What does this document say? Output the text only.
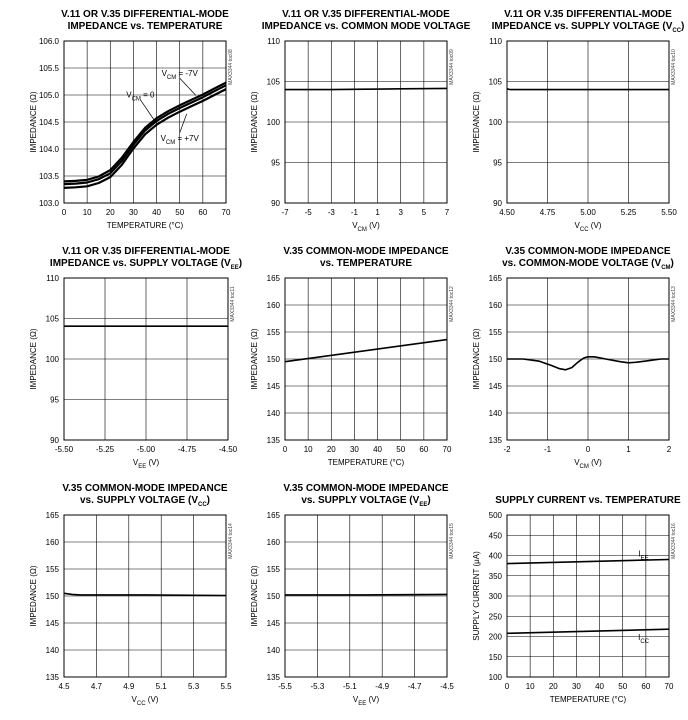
V.11 OR V.35 DIFFERENTIAL-MODE
IMPEDANCE vs. TEMPERATURE
0 10 20 30 40 50 60 70
103.0
103.5
104.0
104.5
105.0
105.5
106.0
TEMPERATURE (°C)
IMPEDANCE (Ω)
MAX3344 toc08
$V_{CM} = -7V$
$V_{CM} = 0$
$V_{CM} = +7V$
V.11 OR V.35 DIFFERENTIAL-MODE
IMPEDANCE vs. COMMON MODE VOLTAGE
-7 -5 -3 -1 1 3 5 7
90
95
100
105
110
$V_{CM}$ (V)
IMPEDANCE (Ω)
MAX3344 toc09
V.11 OR V.35 DIFFERENTIAL-MODE
IMPEDANCE vs. SUPPLY VOLTAGE $(V_{CC})$
4.50	4.75	5.00	5.25	5.50
90
95
100
105
110
$V_{CC}$ (V)
IMPEDANCE (Ω)
MAX3344 toc10
V.11 OR V.35 DIFFERENTIAL-MODE
IMPEDANCE vs. SUPPLY VOLTAGE $(V_{EE})$
-5.50	-5.25	-5.00	-4.75	-4.50
90
95
100
105
110
$V_{EE}$ (V)
IMPEDANCE (Ω)
MAX3344 toc11
V.35 COMMON-MODE IMPEDANCE
vs. TEMPERATURE
0 10 20 30 40 50 60 70
135
140
145
150
155
160
165
TEMPERATURE (°C)
IMPEDANCE (Ω)
MAX3344 toc12
V.35 COMMON-MODE IMPEDANCE
vs. COMMON-MODE VOLTAGE $(V_{CM})$
-2	-1	0	1	2
135
140
145
150
155
160
165
$V_{CM}$ (V)
IMPEDANCE (Ω)
MAX3344 toc13
V.35 COMMON-MODE IMPEDANCE
vs. SUPPLY VOLTAGE $(V_{CC})$
4.5	4.7	4.9	5.1	5.3	5.5
135
140
145
150
155
160
165
$V_{CC}$ (V)
IMPEDANCE (Ω)
MAX3344 toc14
V.35 COMMON-MODE IMPEDANCE
vs. SUPPLY VOLTAGE $(V_{EE})$
-5.5 -5.3 -5.1 -4.9 -4.7 -4.5
135
140
145
150
155
160
165
$V_{EE}$ (V)
IMPEDANCE (Ω)
MAX3344 toc15
SUPPLY CURRENT vs. TEMPERATURE
0 10 20 30 40 50 60 70
100
150
200
250
300
350
400
450
500
TEMPERATURE (°C)
SUPPLY CURRENT (μA)
MAX3344 toc16
$I_{EE}$
$I_{CC}$
